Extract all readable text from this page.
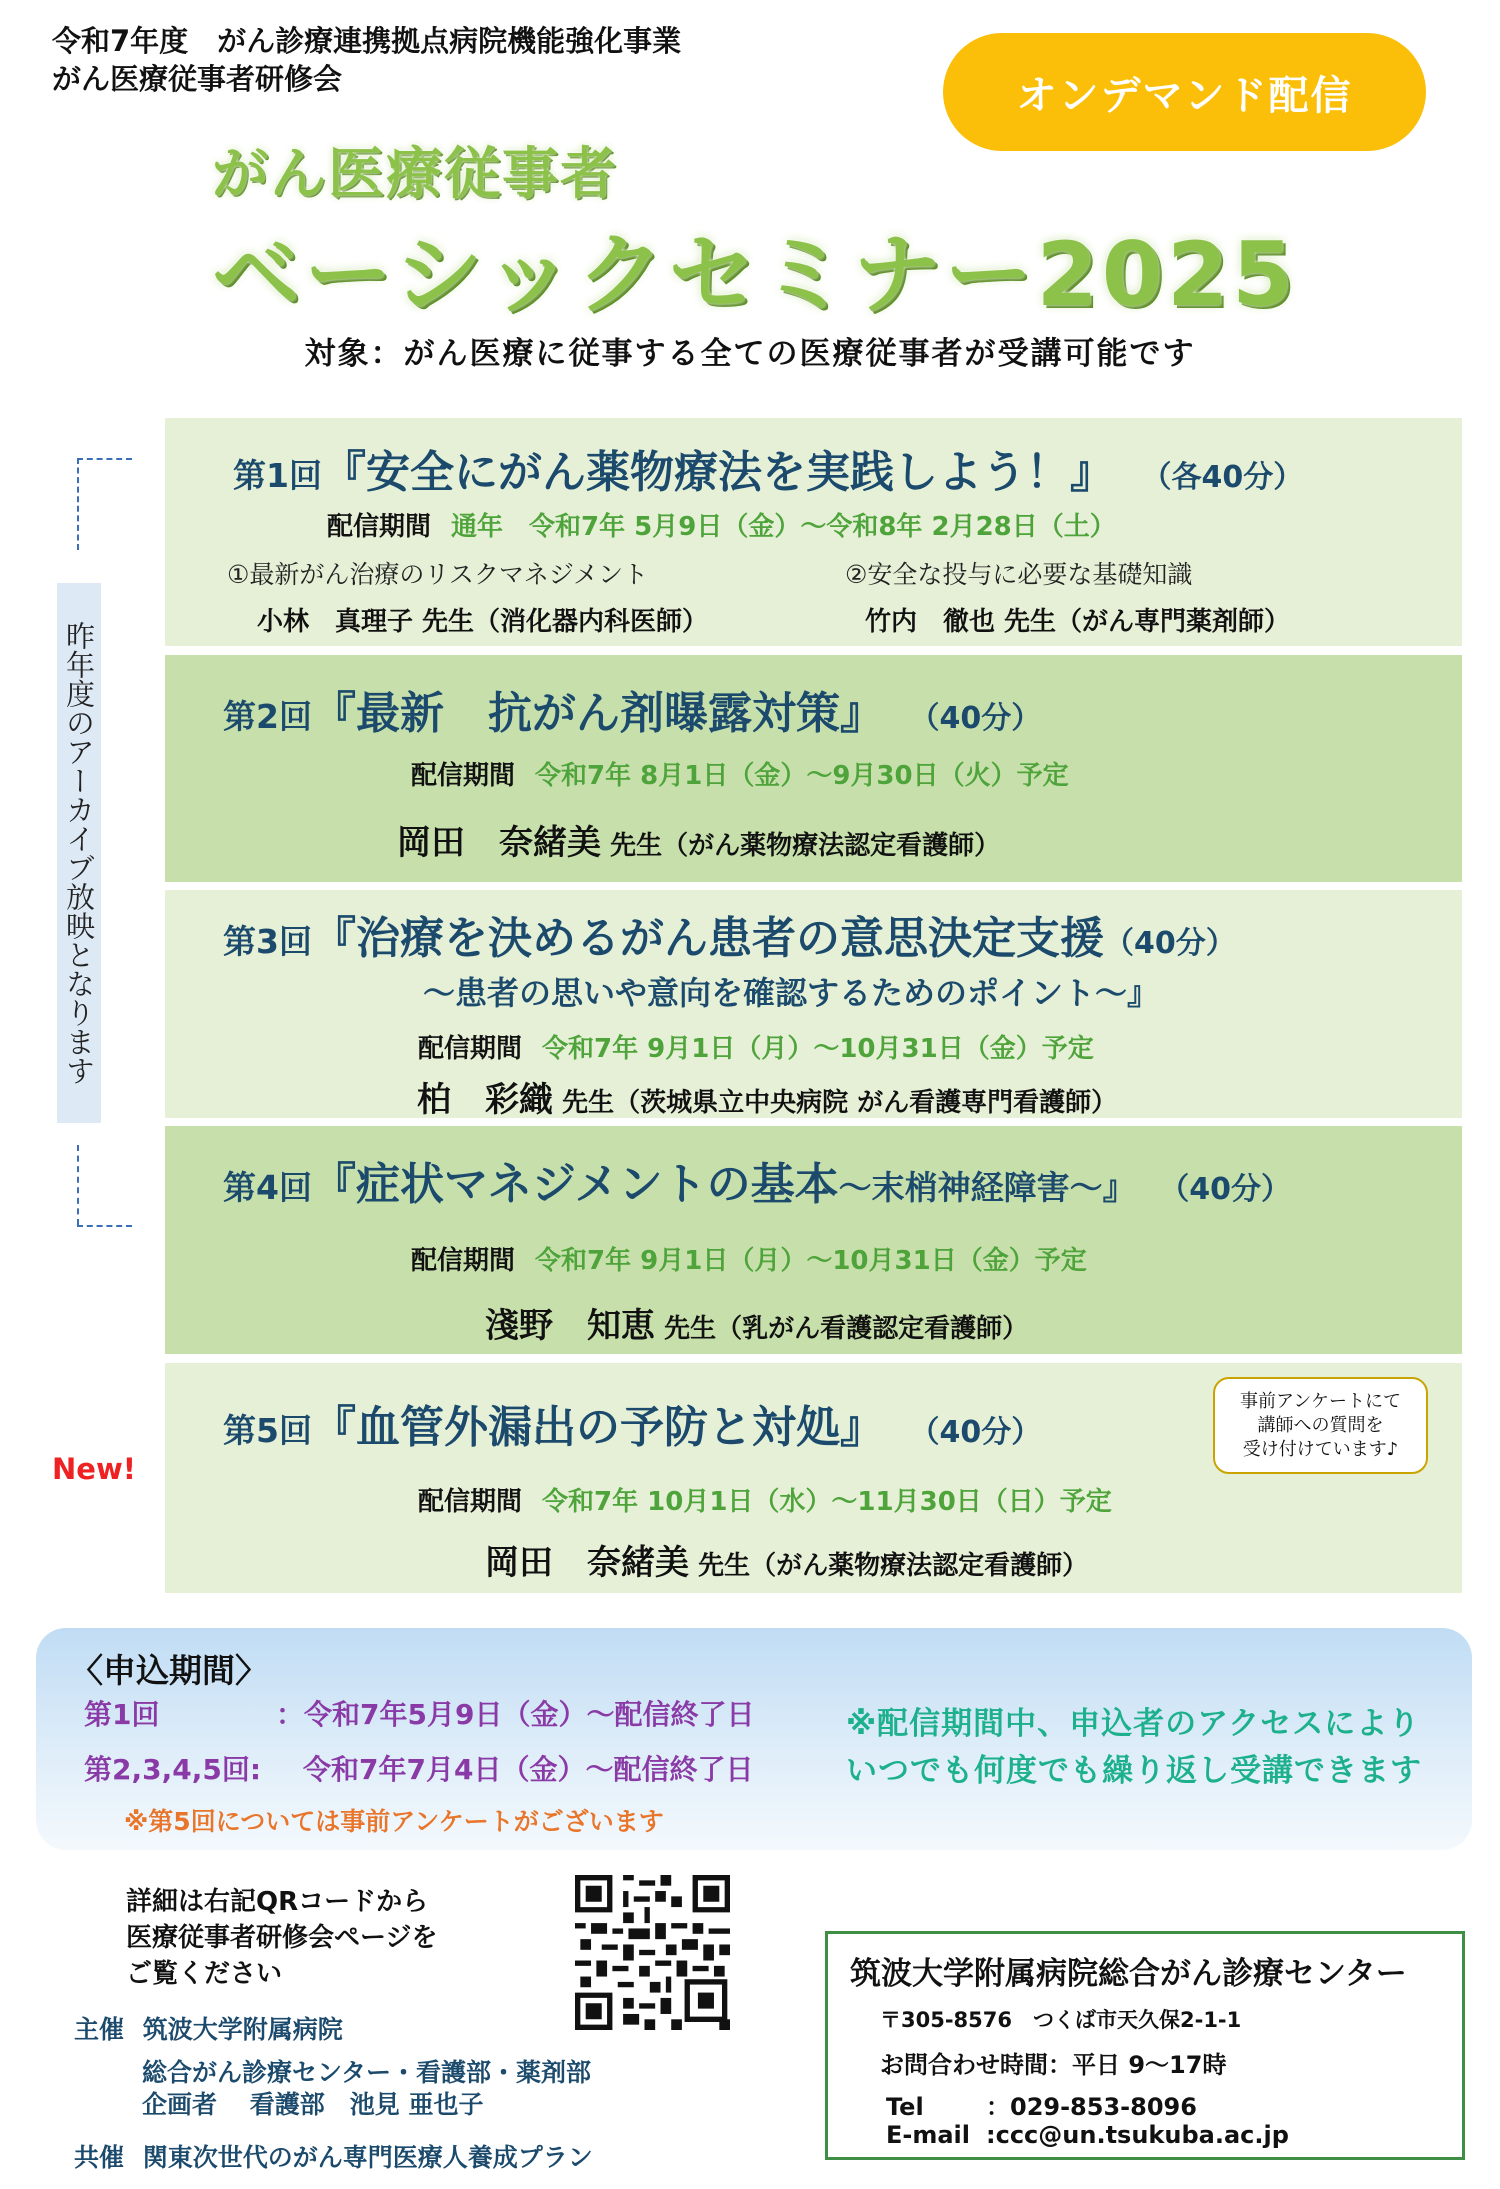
令和7年度　がん診療連携拠点病院機能強化事業
がん医療従事者研修会	オンデマンド配信
がん医療従事者
ベーシックセミナー2025
対象：がん医療に従事する全ての医療従事者が受講可能です
昨年度のアーカイブ放映となります
New!
第1回『安全にがん薬物療法を実践しよう！』 （各40分）
配信期間 通年　令和7年 5月9日（金）～令和8年 2月28日（土）
①最新がん治療のリスクマネジメント
小林　真理子 先生（消化器内科医師）
②安全な投与に必要な基礎知識
竹内　徹也 先生（がん専門薬剤師）
第2回『最新　抗がん剤曝露対策』 （40分）
配信期間 令和7年 8月1日（金）～9月30日（火）予定
岡田　奈緒美 先生（がん薬物療法認定看護師）
第3回『治療を決めるがん患者の意思決定支援（40分）
～患者の思いや意向を確認するためのポイント～』
配信期間 令和7年 9月1日（月）～10月31日（金）予定
柏　彩織 先生（茨城県立中央病院 がん看護専門看護師）
第4回『症状マネジメントの基本～末梢神経障害～』 （40分）
配信期間 令和7年 9月1日（月）～10月31日（金）予定
淺野　知恵 先生（乳がん看護認定看護師）
第5回『血管外漏出の予防と対処』 （40分）
配信期間 令和7年 10月1日（水）～11月30日（日）予定
岡田　奈緒美 先生（がん薬物療法認定看護師）
事前アンケートにて
講師への質問を
受け付けています♪
〈申込期間〉
第1回	：令和7年5月9日（金）～配信終了日
第2,3,4,5回: 令和7年7月4日（金）～配信終了日
※第5回については事前アンケートがございます
※配信期間中、申込者のアクセスにより
いつでも何度でも繰り返し受講できます
詳細は右記QRコードから
医療従事者研修会ページを
ご覧ください
主催 筑波大学附属病院
総合がん診療センター・看護部・薬剤部
企画者 看護部　池見 亜也子
共催 関東次世代のがん専門医療人養成プラン
筑波大学附属病院総合がん診療センター
〒305-8576　つくば市天久保2-1-1
お問合わせ時間：平日 9～17時
Tel	：029-853-8096
E-mail :ccc@un.tsukuba.ac.jp
